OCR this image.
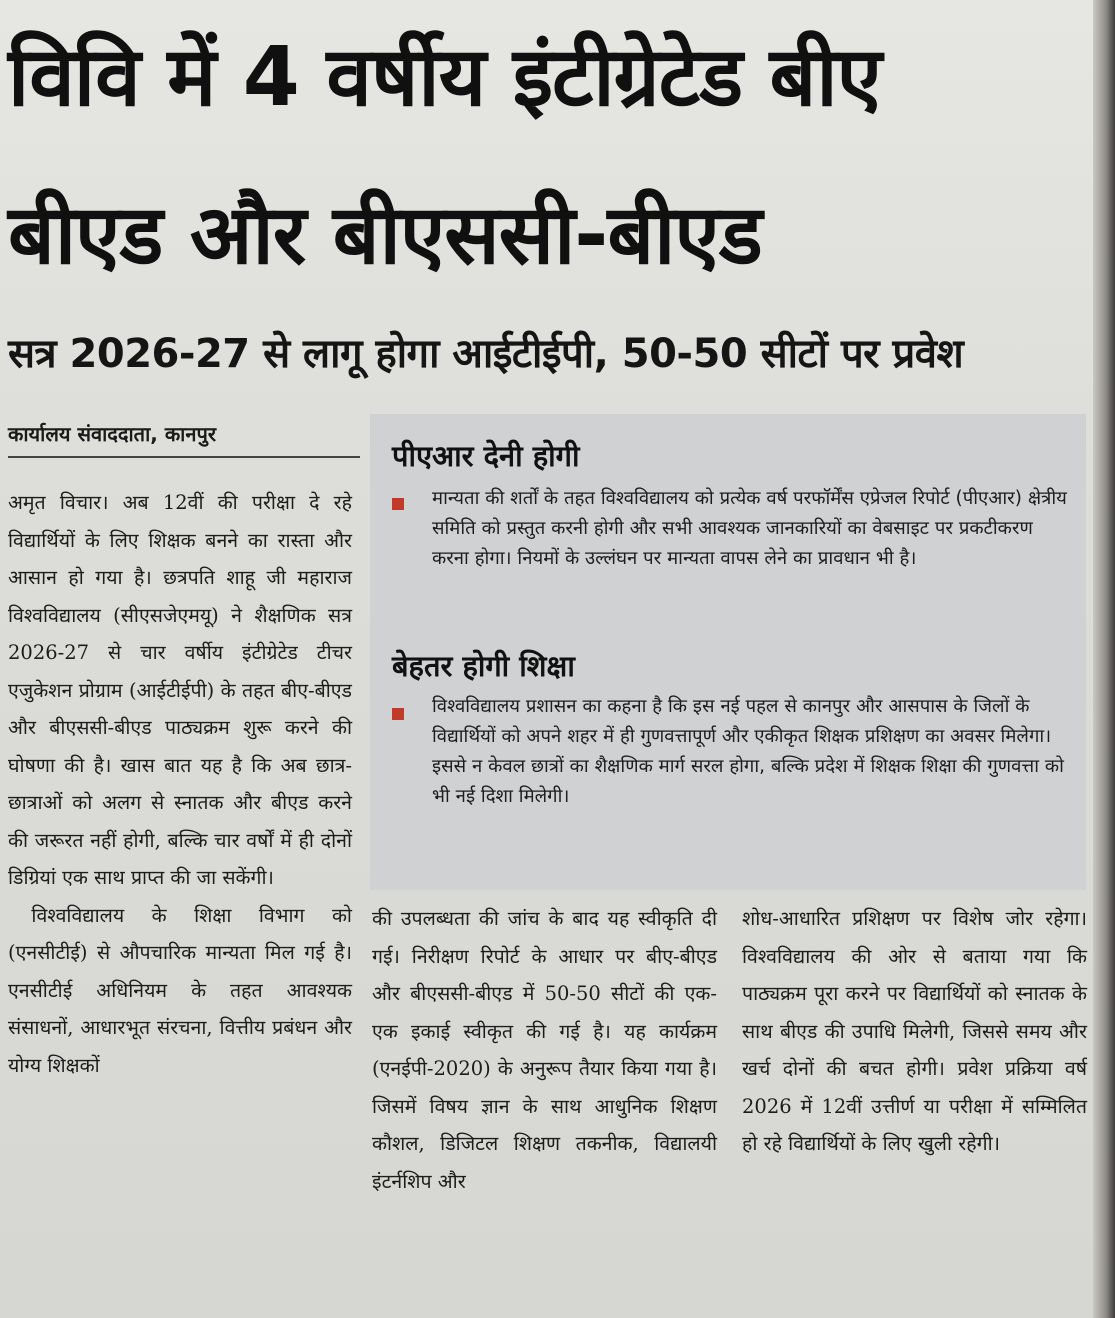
विवि में 4 वर्षीय इंटीग्रेटेड बीए
बीएड और बीएससी-बीएड
सत्र 2026-27 से लागू होगा आईटीईपी, 50-50 सीटों पर प्रवेश
कार्यालय संवाददाता, कानपुर

अमृत विचार। अब 12वीं की परीक्षा दे रहे विद्यार्थियों के लिए शिक्षक बनने का रास्ता और आसान हो गया है। छत्रपति शाहू जी महाराज विश्वविद्यालय (सीएसजेएमयू) ने शैक्षणिक सत्र 2026-27 से चार वर्षीय इंटीग्रेटेड टीचर एजुकेशन प्रोग्राम (आईटीईपी) के तहत बीए-बीएड और बीएससी-बीएड पाठ्यक्रम शुरू करने की घोषणा की है। खास बात यह है कि अब छात्र-छात्राओं को अलग से स्नातक और बीएड करने की जरूरत नहीं होगी, बल्कि चार वर्षों में ही दोनों डिग्रियां एक साथ प्राप्त की जा सकेंगी।

विश्वविद्यालय के शिक्षा विभाग को (एनसीटीई) से औपचारिक मान्यता मिल गई है। एनसीटीई अधिनियम के तहत आवश्यक संसाधनों, आधारभूत संरचना, वित्तीय प्रबंधन और योग्य शिक्षकों

पीएआर देनी होगी
मान्यता की शर्तों के तहत विश्वविद्यालय को प्रत्येक वर्ष परफॉर्मेंस एप्रेजल रिपोर्ट (पीएआर) क्षेत्रीय समिति को प्रस्तुत करनी होगी और सभी आवश्यक जानकारियों का वेबसाइट पर प्रकटीकरण करना होगा। नियमों के उल्लंघन पर मान्यता वापस लेने का प्रावधान भी है।
बेहतर होगी शिक्षा
विश्वविद्यालय प्रशासन का कहना है कि इस नई पहल से कानपुर और आसपास के जिलों के विद्यार्थियों को अपने शहर में ही गुणवत्तापूर्ण और एकीकृत शिक्षक प्रशिक्षण का अवसर मिलेगा। इससे न केवल छात्रों का शैक्षणिक मार्ग सरल होगा, बल्कि प्रदेश में शिक्षक शिक्षा की गुणवत्ता को भी नई दिशा मिलेगी।

की उपलब्धता की जांच के बाद यह स्वीकृति दी गई। निरीक्षण रिपोर्ट के आधार पर बीए-बीएड और बीएससी-बीएड में 50-50 सीटों की एक-एक इकाई स्वीकृत की गई है। यह कार्यक्रम (एनईपी-2020) के अनुरूप तैयार किया गया है। जिसमें विषय ज्ञान के साथ आधुनिक शिक्षण कौशल, डिजिटल शिक्षण तकनीक, विद्यालयी इंटर्नशिप और

शोध-आधारित प्रशिक्षण पर विशेष जोर रहेगा। विश्वविद्यालय की ओर से बताया गया कि पाठ्यक्रम पूरा करने पर विद्यार्थियों को स्नातक के साथ बीएड की उपाधि मिलेगी, जिससे समय और खर्च दोनों की बचत होगी। प्रवेश प्रक्रिया वर्ष 2026 में 12वीं उत्तीर्ण या परीक्षा में सम्मिलित हो रहे विद्यार्थियों के लिए खुली रहेगी।
